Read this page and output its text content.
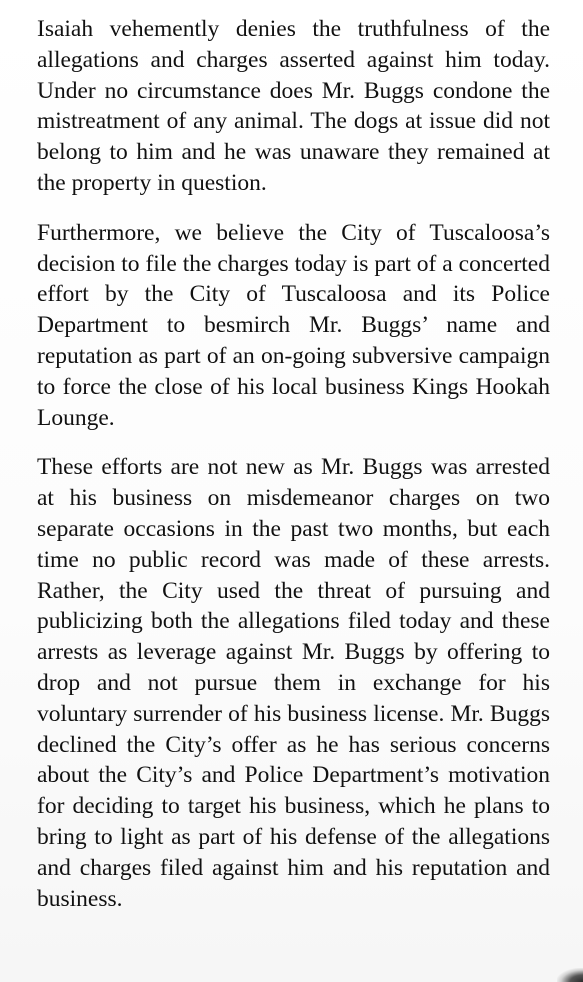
Isaiah vehemently denies the truthfulness of the allegations and charges asserted against him today. Under no circumstance does Mr. Buggs condone the mistreatment of any animal. The dogs at issue did not belong to him and he was unaware they remained at the property in question.

Furthermore, we believe the City of Tuscaloosa’s decision to file the charges today is part of a concerted effort by the City of Tuscaloosa and its Police Department to besmirch Mr. Buggs’ name and reputation as part of an on-going subversive campaign to force the close of his local business Kings Hookah Lounge.

These efforts are not new as Mr. Buggs was arrested at his business on misdemeanor charges on two separate occasions in the past two months, but each time no public record was made of these arrests. Rather, the City used the threat of pursuing and publicizing both the allegations filed today and these arrests as leverage against Mr. Buggs by offering to drop and not pursue them in exchange for his voluntary surrender of his business license. Mr. Buggs declined the City’s offer as he has serious concerns about the City’s and Police Department’s motivation for deciding to target his business, which he plans to bring to light as part of his defense of the allegations and charges filed against him and his reputation and business.
